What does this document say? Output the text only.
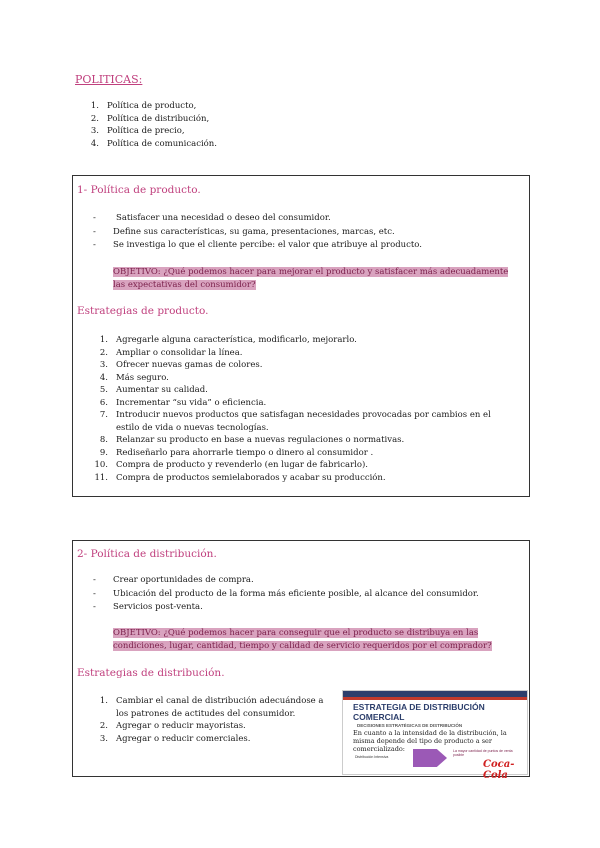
POLITICAS:
1. Política de producto,
2. Política de distribución,
3. Política de precio,
4. Política de comunicación.
1- Política de producto.
-	Satisfacer una necesidad o deseo del consumidor.
-	Define sus características, su gama, presentaciones, marcas, etc.
-	Se investiga lo que el cliente percibe: el valor que atribuye al producto.
OBJETIVO: ¿Qué podemos hacer para mejorar el producto y satisfacer más adecuadamente las expectativas del consumidor?
Estrategias de producto.
1. Agregarle alguna característica, modificarlo, mejorarlo.
2. Ampliar o consolidar la línea.
3. Ofrecer nuevas gamas de colores.
4. Más seguro.
5. Aumentar su calidad.
6. Incrementar “su vida” o eficiencia.
7. Introducir nuevos productos que satisfagan necesidades provocadas por cambios en el estilo de vida o nuevas tecnologías.
8. Relanzar su producto en base a nuevas regulaciones o normativas.
9. Rediseñarlo para ahorrarle tiempo o dinero al consumidor .
10. Compra de producto y revenderlo (en lugar de fabricarlo).
11. Compra de productos semielaborados y acabar su producción.
2- Política de distribución.
-	Crear oportunidades de compra.
-	Ubicación del producto de la forma más eficiente posible, al alcance del consumidor.
-	Servicios post-venta.
OBJETIVO: ¿Qué podemos hacer para conseguir que el producto se distribuya en las condiciones, lugar, cantidad, tiempo y calidad de servicio requeridos por el comprador?
Estrategias de distribución.
1. Cambiar el canal de distribución adecuándose a los patrones de actitudes del consumidor.
2. Agregar o reducir mayoristas.
3. Agregar o reducir comerciales.
ESTRATEGIA DE DISTRIBUCIÓN COMERCIAL
DECISIONES ESTRATÉGICAS DE DISTRIBUCIÓN
En cuanto a la intensidad de la distribución, la misma depende del tipo de producto a ser comercializado:
Distribución Intensiva
La mayor cantidad de puntos de venta posible
Coca-Cola
